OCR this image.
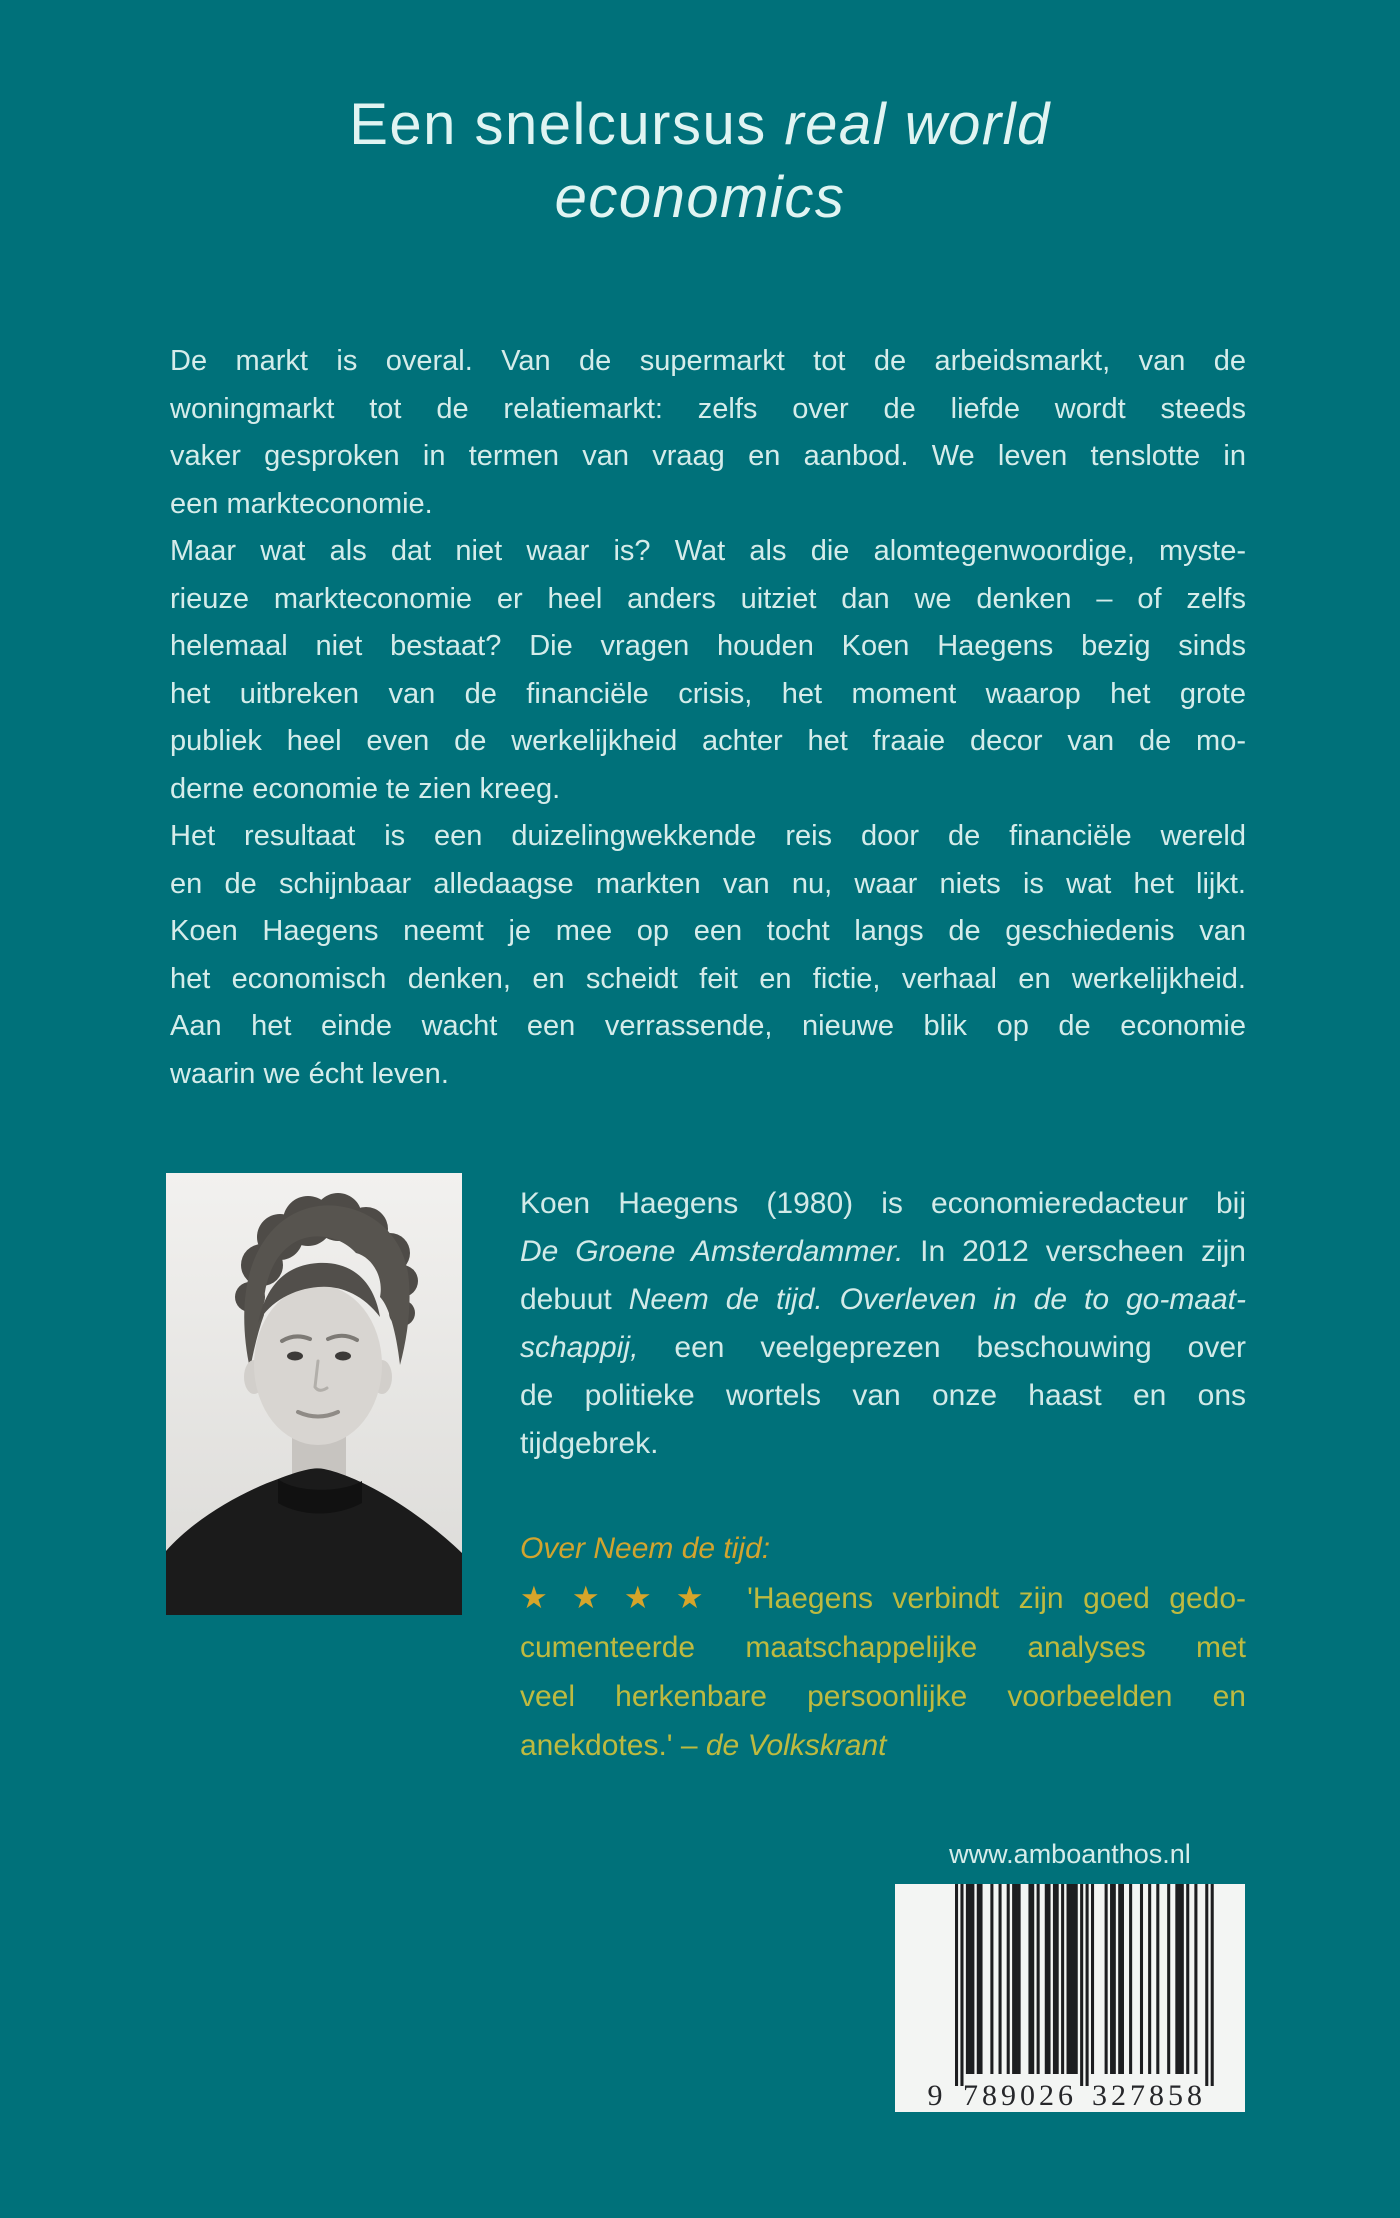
Een snelcursus real world
economics
De markt is overal. Van de supermarkt tot de arbeidsmarkt, van de
woningmarkt tot de relatiemarkt: zelfs over de liefde wordt steeds
vaker gesproken in termen van vraag en aanbod. We leven tenslotte in
een markteconomie.
Maar wat als dat niet waar is? Wat als die alomtegenwoordige, myste-
rieuze markteconomie er heel anders uitziet dan we denken – of zelfs
helemaal niet bestaat? Die vragen houden Koen Haegens bezig sinds
het uitbreken van de financiële crisis, het moment waarop het grote
publiek heel even de werkelijkheid achter het fraaie decor van de mo-
derne economie te zien kreeg.
Het resultaat is een duizelingwekkende reis door de financiële wereld
en de schijnbaar alledaagse markten van nu, waar niets is wat het lijkt.
Koen Haegens neemt je mee op een tocht langs de geschiedenis van
het economisch denken, en scheidt feit en fictie, verhaal en werkelijkheid.
Aan het einde wacht een verrassende, nieuwe blik op de economie
waarin we écht leven.
Koen Haegens (1980) is economieredacteur bij
De Groene Amsterdammer. In 2012 verscheen zijn
debuut Neem de tijd. Overleven in de to go-maat-
schappij, een veelgeprezen beschouwing over
de politieke wortels van onze haast en ons
tijdgebrek.
Over Neem de tijd:
★★★★ 'Haegens verbindt zijn goed gedo-
cumenteerde maatschappelijke analyses met
veel herkenbare persoonlijke voorbeelden en
anekdotes.' – de Volkskrant
www.amboanthos.nl
9 789026 327858
